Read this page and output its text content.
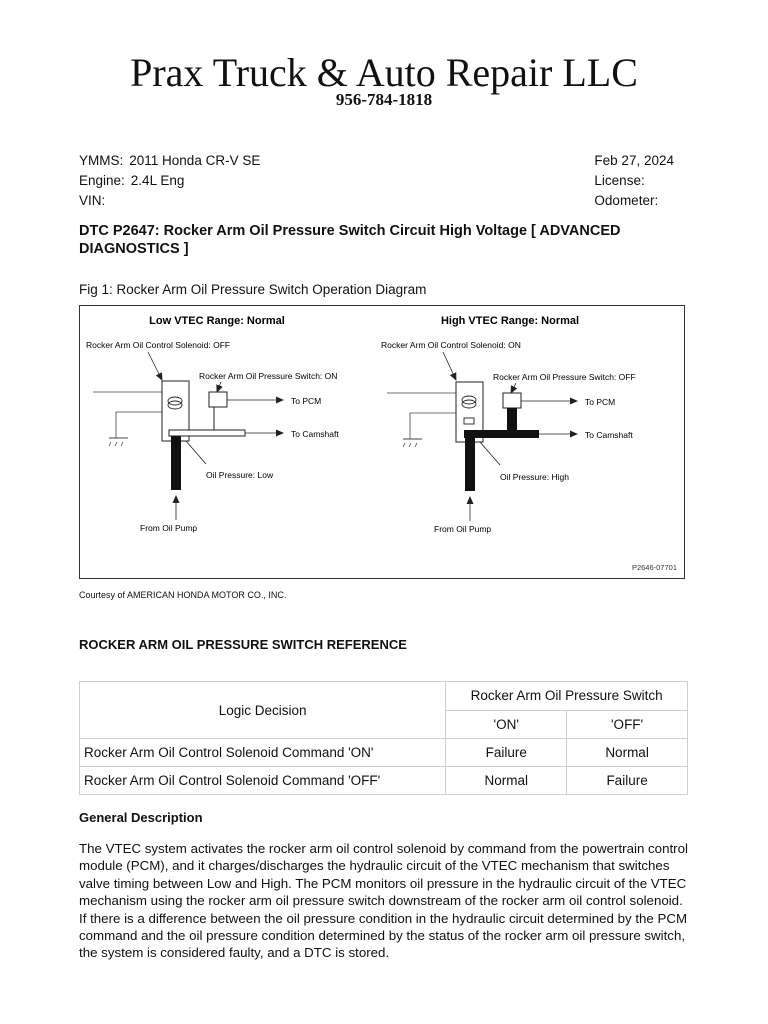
Prax Truck & Auto Repair LLC
956-784-1818
YMMS: 2011 Honda CR-V SE
Engine: 2.4L Eng
VIN:
Feb 27, 2024
License:
Odometer:
DTC P2647: Rocker Arm Oil Pressure Switch Circuit High Voltage [ ADVANCED DIAGNOSTICS ]
Fig 1: Rocker Arm Oil Pressure Switch Operation Diagram
Low VTEC Range: Normal
Rocker Arm Oil Control Solenoid: OFF
Rocker Arm Oil Pressure Switch: ON
To PCM
To Camshaft
Oil Pressure: Low
From Oil Pump
High VTEC Range: Normal
Rocker Arm Oil Control Solenoid: ON
Rocker Arm Oil Pressure Switch: OFF
To PCM
To Camshaft
Oil Pressure: High
From Oil Pump
P2646-07701
Courtesy of AMERICAN HONDA MOTOR CO., INC.
ROCKER ARM OIL PRESSURE SWITCH REFERENCE
Logic Decision	Rocker Arm Oil Pressure Switch	
	'ON'	'OFF'
Rocker Arm Oil Control Solenoid Command 'ON'	Failure	Normal
Rocker Arm Oil Control Solenoid Command 'OFF'	Normal	Failure
General Description
The VTEC system activates the rocker arm oil control solenoid by command from the powertrain control module (PCM), and it charges/discharges the hydraulic circuit of the VTEC mechanism that switches valve timing between Low and High. The PCM monitors oil pressure in the hydraulic circuit of the VTEC mechanism using the rocker arm oil pressure switch downstream of the rocker arm oil control solenoid. If there is a difference between the oil pressure condition in the hydraulic circuit determined by the PCM command and the oil pressure condition determined by the status of the rocker arm oil pressure switch, the system is considered faulty, and a DTC is stored.
